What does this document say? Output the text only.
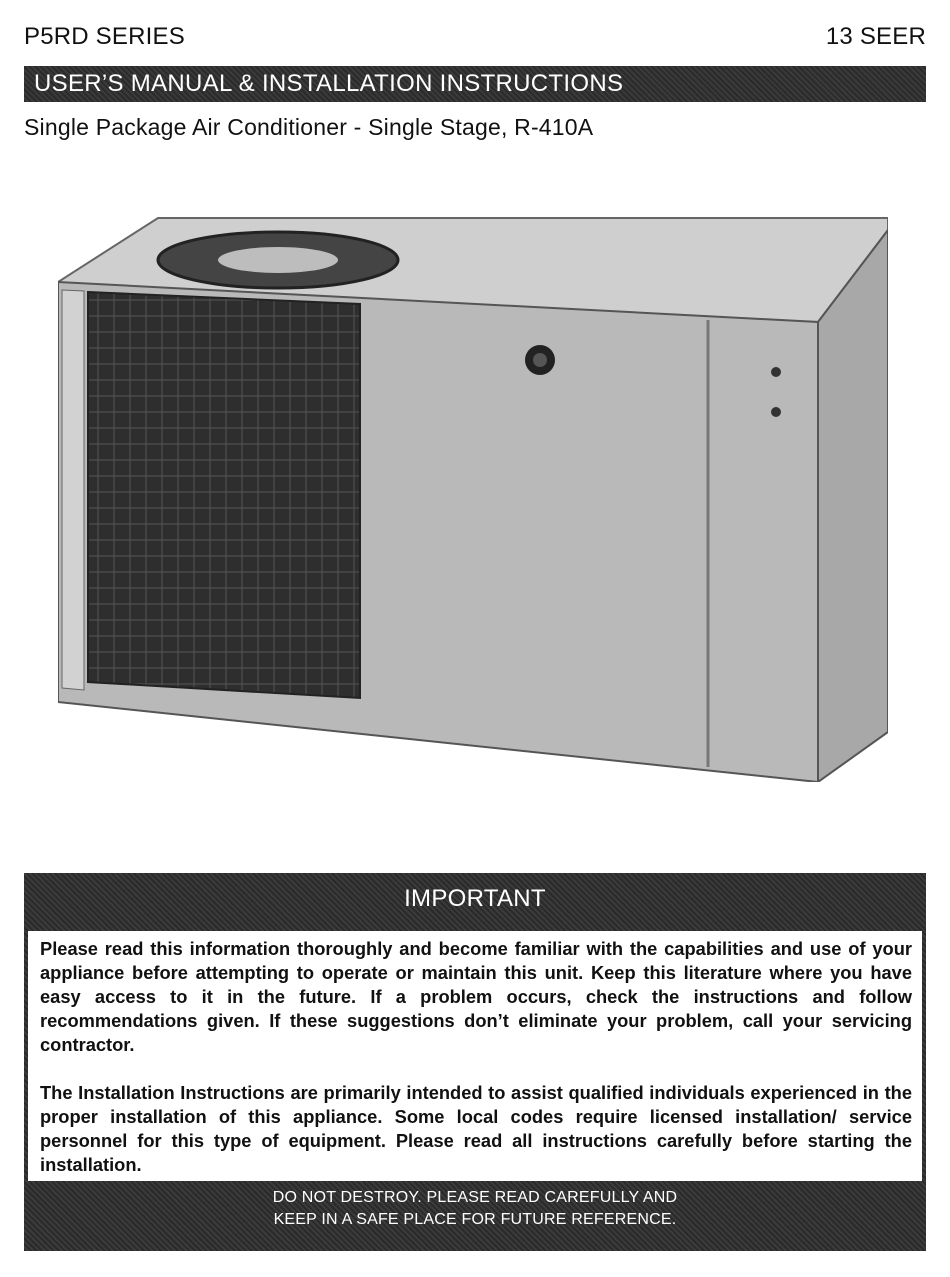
P5RD SERIES	13 SEER
USER’S MANUAL & INSTALLATION INSTRUCTIONS
Single Package Air Conditioner - Single Stage, R-410A
IMPORTANT

Please read this information thoroughly and become familiar with the capabilities and use of your appliance before attempting to operate or maintain this unit. Keep this literature where you have easy access to it in the future. If a problem occurs, check the instructions and follow recommendations given. If these suggestions don’t eliminate your problem, call your servicing contractor.

The Installation Instructions are primarily intended to assist qualified individuals experienced in the proper installation of this appliance. Some local codes require licensed installation/ service personnel for this type of equipment. Please read all instructions carefully before starting the installation.

DO NOT DESTROY. PLEASE READ CAREFULLY AND
KEEP IN A SAFE PLACE FOR FUTURE REFERENCE.
